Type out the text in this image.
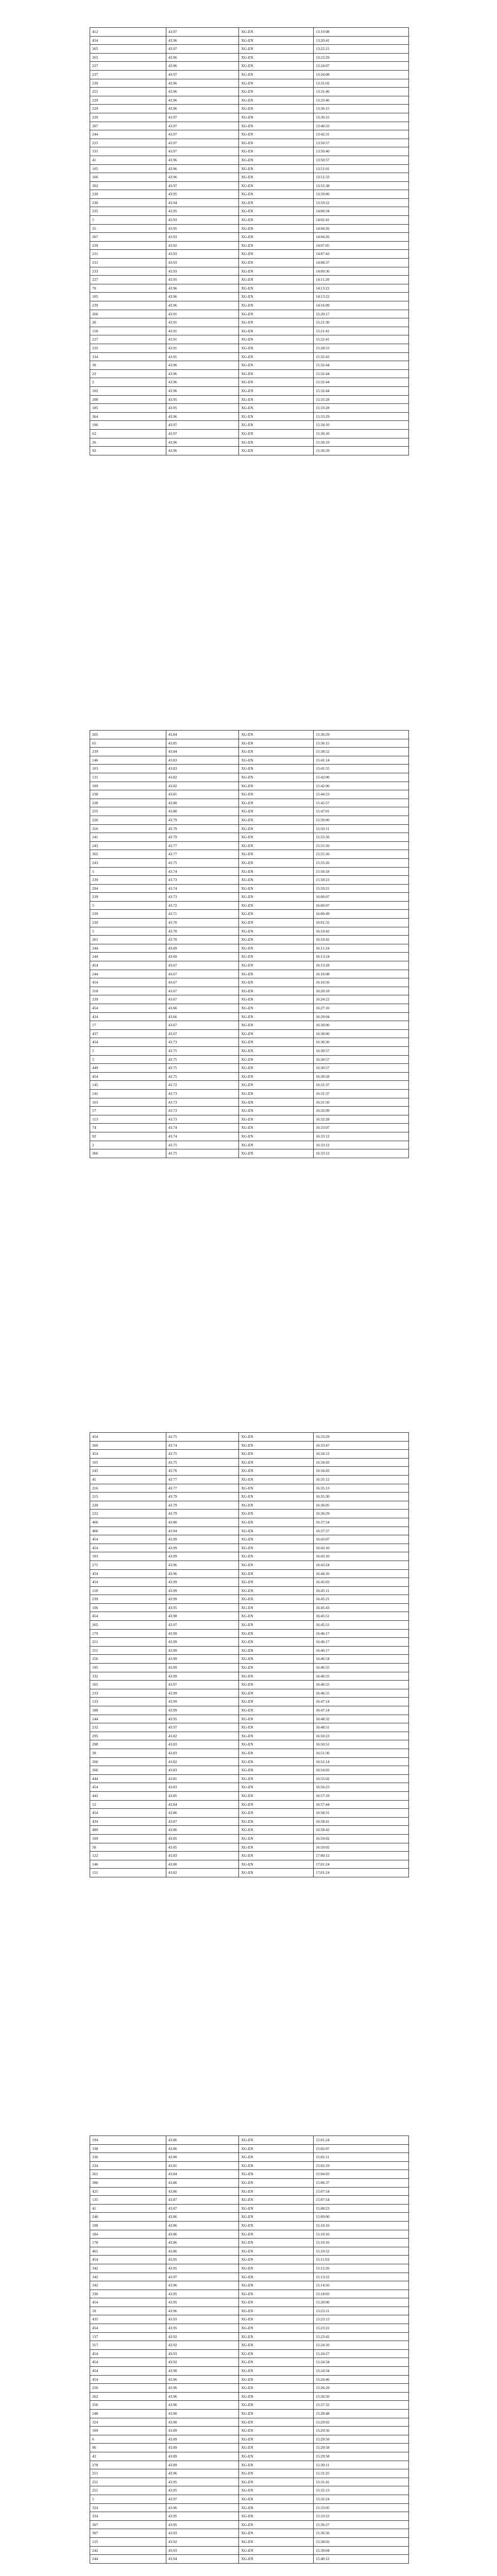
412	43.97	XG-EN	13:19:08
454	43.96	XG-EN	13:20:41
265	43.97	XG-EN	13:22:21
265	43.96	XG-EN	13:23:29
227	43.96	XG-EN	13:24:07
237	43.97	XG-EN	13:24:08
239	43.96	XG-EN	13:31:02
251	43.96	XG-EN	13:31:46
229	43.96	XG-EN	13:33:46
229	43.96	XG-EN	13:36:15
229	43.97	XG-EN	13:36:15
207	43.97	XG-EN	13:40:33
244	43.97	XG-EN	13:42:31
225	43.97	XG-EN	13:50:57
331	43.97	XG-EN	13:50:40
41	43.96	XG-EN	13:50:57
105	43.96	XG-EN	13:51:01
166	43.96	XG-EN	13:51:33
302	43.97	XG-EN	13:55:38
230	43.95	XG-EN	13:59:00
230	43.94	XG-EN	13:59:22
235	43.95	XG-EN	14:00:34
5	43.93	XG-EN	14:02:41
25	43.95	XG-EN	14:04:26
267	43.93	XG-EN	14:04:26
239	43.92	XG-EN	14:07:05
231	43.93	XG-EN	14:07:43
231	43.93	XG-EN	14:08:37
233	43.93	XG-EN	14:09:30
227	43.95	XG-EN	14:11:20
70	43.96	XG-EN	14:13:22
105	43.96	XG-EN	14:13:22
239	43.96	XG-EN	14:16:09
266	43.91	XG-EN	15:20:17
26	43.91	XG-EN	15:21:30
150	43.91	XG-EN	15:21:41
227	43.91	XG-EN	15:22:41
235	43.91	XG-EN	15:28:53
334	43.91	XG-EN	15:32:43
30	43.96	XG-EN	15:32:44
22	43.96	XG-EN	15:32:44
2	43.96	XG-EN	15:32:44
102	43.96	XG-EN	15:32:44
208	43.95	XG-EN	15:33:28
185	43.95	XG-EN	15:33:28
364	43.96	XG-EN	15:33:29
196	43.97	XG-EN	15:34:10
62	43.97	XG-EN	15:36:10
26	43.96	XG-EN	15:36:19
92	43.96	XG-EN	15:36:29
265	43.84	XG-EN	15:36:29
65	43.85	XG-EN	15:36:15
239	43.84	XG-EN	15:38:52
146	43.83	XG-EN	15:41:14
103	43.83	XG-EN	15:41:55
131	43.82	XG-EN	15:42:00
109	43.82	XG-EN	15:42:00
238	43.81	XG-EN	15:44:53
228	43.80	XG-EN	15:45:57
255	43.80	XG-EN	15:47:01
226	43.79	XG-EN	15:50:00
316	43.79	XG-EN	15:50:11
241	43.79	XG-EN	15:55:56
243	43.77	XG-EN	15:55:56
365	43.77	XG-EN	15:55:56
243	43.75	XG-EN	15:55:26
5	43.74	XG-EN	15:56:18
239	43.73	XG-EN	15:58:23
294	43.74	XG-EN	15:59:21
239	43.73	XG-EN	16:00:07
5	43.72	XG-EN	16:00:07
239	43.71	XG-EN	16:00:49
239	43.70	XG-EN	16:01:32
5	43.70	XG-EN	16:10:42
261	43.70	XG-EN	16:10:42
244	43.69	XG-EN	16:11:24
244	43.69	XG-EN	16:13:24
454	43.67	XG-EN	16:13:28
244	43.67	XG-EN	16:16:08
454	43.67	XG-EN	16:16:56
318	43.67	XG-EN	16:20:18
239	43.67	XG-EN	16:24:22
454	43.66	XG-EN	16:27:10
424	43.66	XG-EN	16:29:04
17	43.67	XG-EN	16:30:00
437	43.67	XG-EN	16:30:00
454	43.73	XG-EN	16:30:30
5	43.75	XG-EN	16:30:57
5	43.75	XG-EN	16:30:57
449	43.75	XG-EN	16:30:57
454	43.75	XG-EN	16:30:58
145	43.72	XG-EN	16:31:37
141	43.73	XG-EN	16:31:37
163	43.73	XG-EN	16:31:50
57	43.73	XG-EN	16:32:09
113	43.73	XG-EN	16:32:28
74	43.74	XG-EN	16:33:07
92	43.74	XG-EN	16:33:12
2	43.75	XG-EN	16:33:12
366	43.75	XG-EN	16:33:12
454	43.75	XG-EN	16:33:29
260	43.74	XG-EN	16:33:47
454	43.75	XG-EN	16:34:12
105	43.75	XG-EN	16:34:43
245	43.76	XG-EN	16:34:43
41	43.77	XG-EN	16:35:12
216	43.77	XG-EN	16:35:13
215	43.79	XG-EN	16:35:30
220	43.79	XG-EN	16:36:05
222	43.79	XG-EN	16:36:29
466	43.80	XG-EN	16:37:54
466	43.94	XG-EN	16:37:57
454	43.99	XG-EN	16:43:07
454	43.99	XG-EN	16:43:10
103	43.99	XG-EN	16:43:10
271	43.96	XG-EN	16:43:24
454	43.96	XG-EN	16:44:16
454	43.99	XG-EN	16:45:03
118	43.99	XG-EN	16:45:11
239	43.99	XG-EN	16:45:21
106	43.95	XG-EN	16:45:43
454	43.98	XG-EN	16:45:51
265	43.97	XG-EN	16:45:51
179	43.99	XG-EN	16:46:17
251	43.99	XG-EN	16:46:17
251	43.99	XG-EN	16:46:17
256	43.99	XG-EN	16:46:54
195	43.99	XG-EN	16:46:55
332	43.99	XG-EN	16:46:55
105	43.97	XG-EN	16:46:55
233	43.99	XG-EN	16:46:55
133	43.99	XG-EN	16:47:14
188	43.99	XG-EN	16:47:14
244	43.95	XG-EN	16:48:32
232	43.97	XG-EN	16:48:51
295	43.82	XG-EN	16:50:23
298	43.83	XG-EN	16:50:51
30	43.83	XG-EN	16:51:36
266	43.82	XG-EN	16:52:14
266	43.83	XG-EN	16:54:02
444	43.81	XG-EN	16:55:02
454	43.83	XG-EN	16:56:23
442	43.85	XG-EN	16:57:19
12	43.84	XG-EN	16:57:44
454	43.86	XG-EN	16:58:31
434	43.87	XG-EN	16:58:41
490	43.86	XG-EN	16:58:42
109	43.85	XG-EN	16:59:02
50	43.85	XG-EN	16:59:02
122	43.83	XG-EN	17:00:12
146	43.80	XG-EN	17:01:24
151	43.82	XG-EN	17:01:24
194	43.86	XG-EN	15:01:24
338	43.86	XG-EN	15:02:07
336	43.80	XG-EN	15:02:11
234	43.81	XG-EN	15:02:19
261	43.84	XG-EN	15:04:03
396	43.86	XG-EN	15:06:37
425	43.86	XG-EN	15:07:54
135	43.87	XG-EN	15:07:54
41	43.87	XG-EN	15:08:23
246	43.86	XG-EN	15:09:00
108	43.86	XG-EN	15:10:16
184	43.86	XG-EN	15:10:16
178	43.86	XG-EN	15:10:16
461	43.86	XG-EN	15:10:52
454	43.95	XG-EN	15:11:03
342	43.95	XG-EN	15:12:26
342	43.97	XG-EN	15:13:52
342	43.96	XG-EN	15:14:56
330	43.95	XG-EN	15:18:03
454	43.95	XG-EN	15:20:06
10	43.96	XG-EN	15:23:11
435	43.93	XG-EN	15:23:13
454	43.95	XG-EN	15:23:22
137	43.92	XG-EN	15:23:42
317	43.92	XG-EN	15:24:10
454	43.93	XG-EN	15:24:27
454	43.92	XG-EN	15:24:34
454	43.90	XG-EN	15:24:34
454	43.96	XG-EN	15:24:46
256	43.96	XG-EN	15:26:29
262	43.96	XG-EN	15:26:50
256	43.96	XG-EN	15:27:32
248	43.90	XG-EN	15:28:48
324	43.90	XG-EN	15:29:02
109	43.89	XG-EN	15:29:56
6	43.89	XG-EN	15:29:58
96	43.89	XG-EN	15:29:58
42	43.89	XG-EN	15:29:58
278	43.89	XG-EN	15:30:11
251	43.96	XG-EN	15:31:25
251	43.95	XG-EN	15:31:41
251	43.95	XG-EN	15:32:13
5	43.97	XG-EN	15:32:24
324	43.96	XG-EN	15:33:05
324	43.95	XG-EN	15:33:52
307	43.95	XG-EN	15:36:27
307	43.93	XG-EN	15:36:56
125	43.92	XG-EN	15:38:02
242	43.93	XG-EN	15:39:04
244	43.94	XG-EN	15:40:12
